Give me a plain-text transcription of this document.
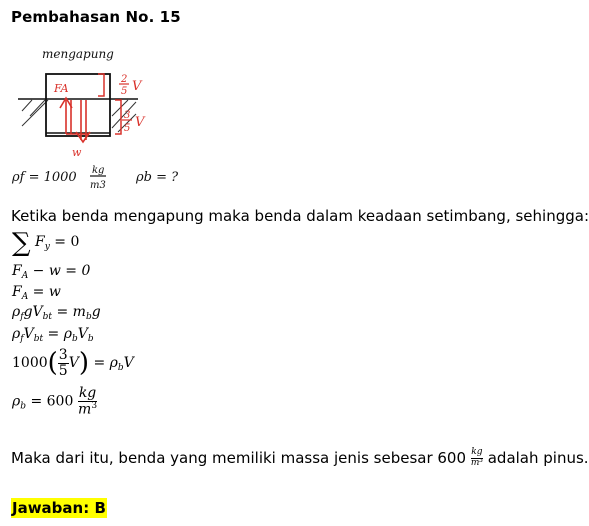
Pembahasan No. 15
mengapung
FA
w
2
5 V
3
5 V
ρf = 1000 kg
m3
ρb = ?
Ketika benda mengapung maka benda dalam keadaan setimbang, sehingga:
∑ $F_y = 0$
$F_A - w = 0$
$F_A = w$
$\rho_fgV_{bt} = m_bg$
$\rho_fV_{bt} = \rho_bV_b$
$1000( \frac{3}{5} V) = \rho_bV$
$\rho_b = 600 \frac{kg}{m^3}$
Maka dari itu, benda yang memiliki massa jenis sebesar $600 \frac{kg}{\text{m³}}$ adalah pinus.
Jawaban: B
